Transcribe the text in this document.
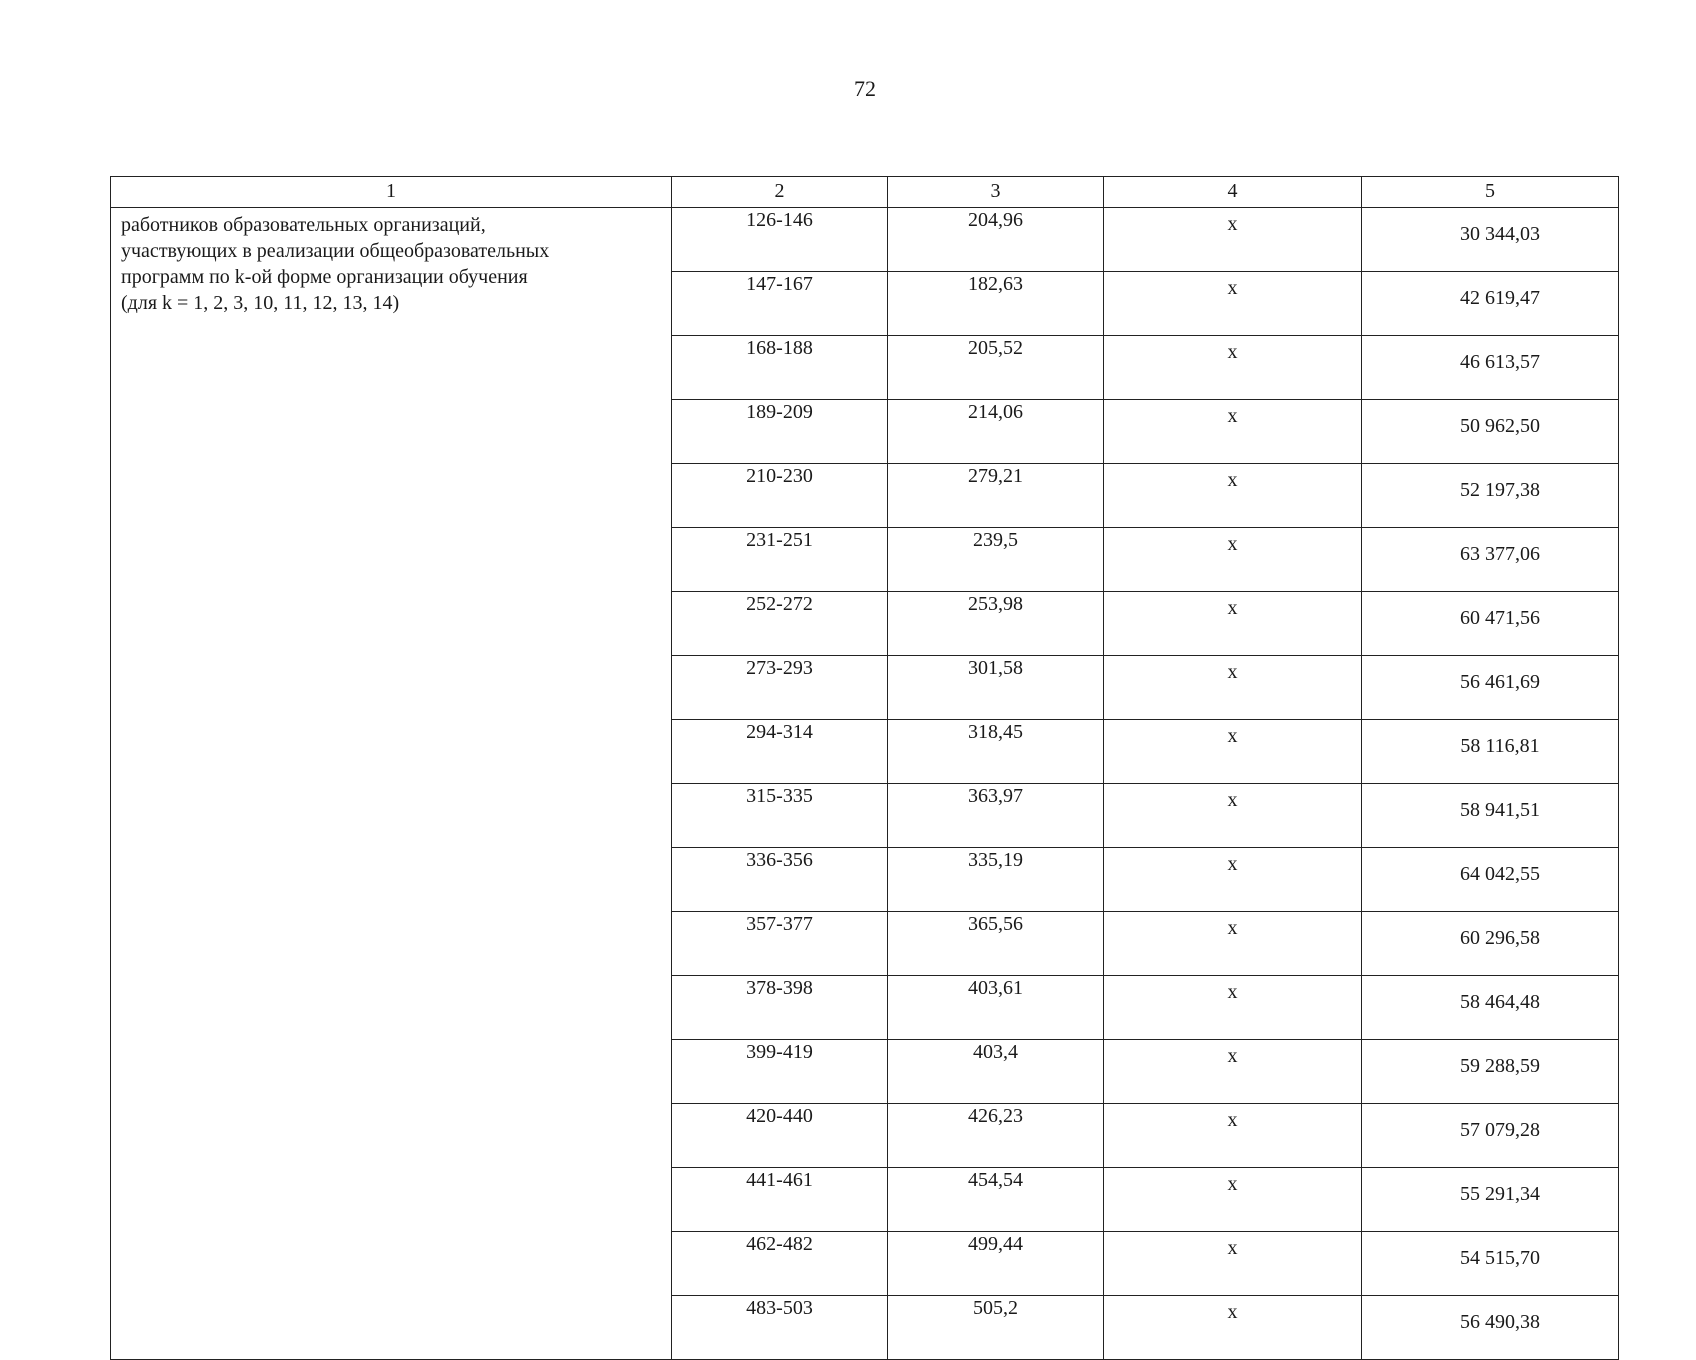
72
1	2	3	4	5

работников образовательных организаций,
участвующих в реализации общеобразовательных
программ по k-ой форме организации обучения
(для k = 1, 2, 3, 10, 11, 12, 13, 14)	126-146	204,96	x	30 344,03
	147-167	182,63	x	42 619,47
	168-188	205,52	x	46 613,57
	189-209	214,06	x	50 962,50
	210-230	279,21	x	52 197,38
	231-251	239,5	x	63 377,06
	252-272	253,98	x	60 471,56
	273-293	301,58	x	56 461,69
	294-314	318,45	x	58 116,81
	315-335	363,97	x	58 941,51
	336-356	335,19	x	64 042,55
	357-377	365,56	x	60 296,58
	378-398	403,61	x	58 464,48
	399-419	403,4	x	59 288,59
	420-440	426,23	x	57 079,28
	441-461	454,54	x	55 291,34
	462-482	499,44	x	54 515,70
	483-503	505,2	x	56 490,38
